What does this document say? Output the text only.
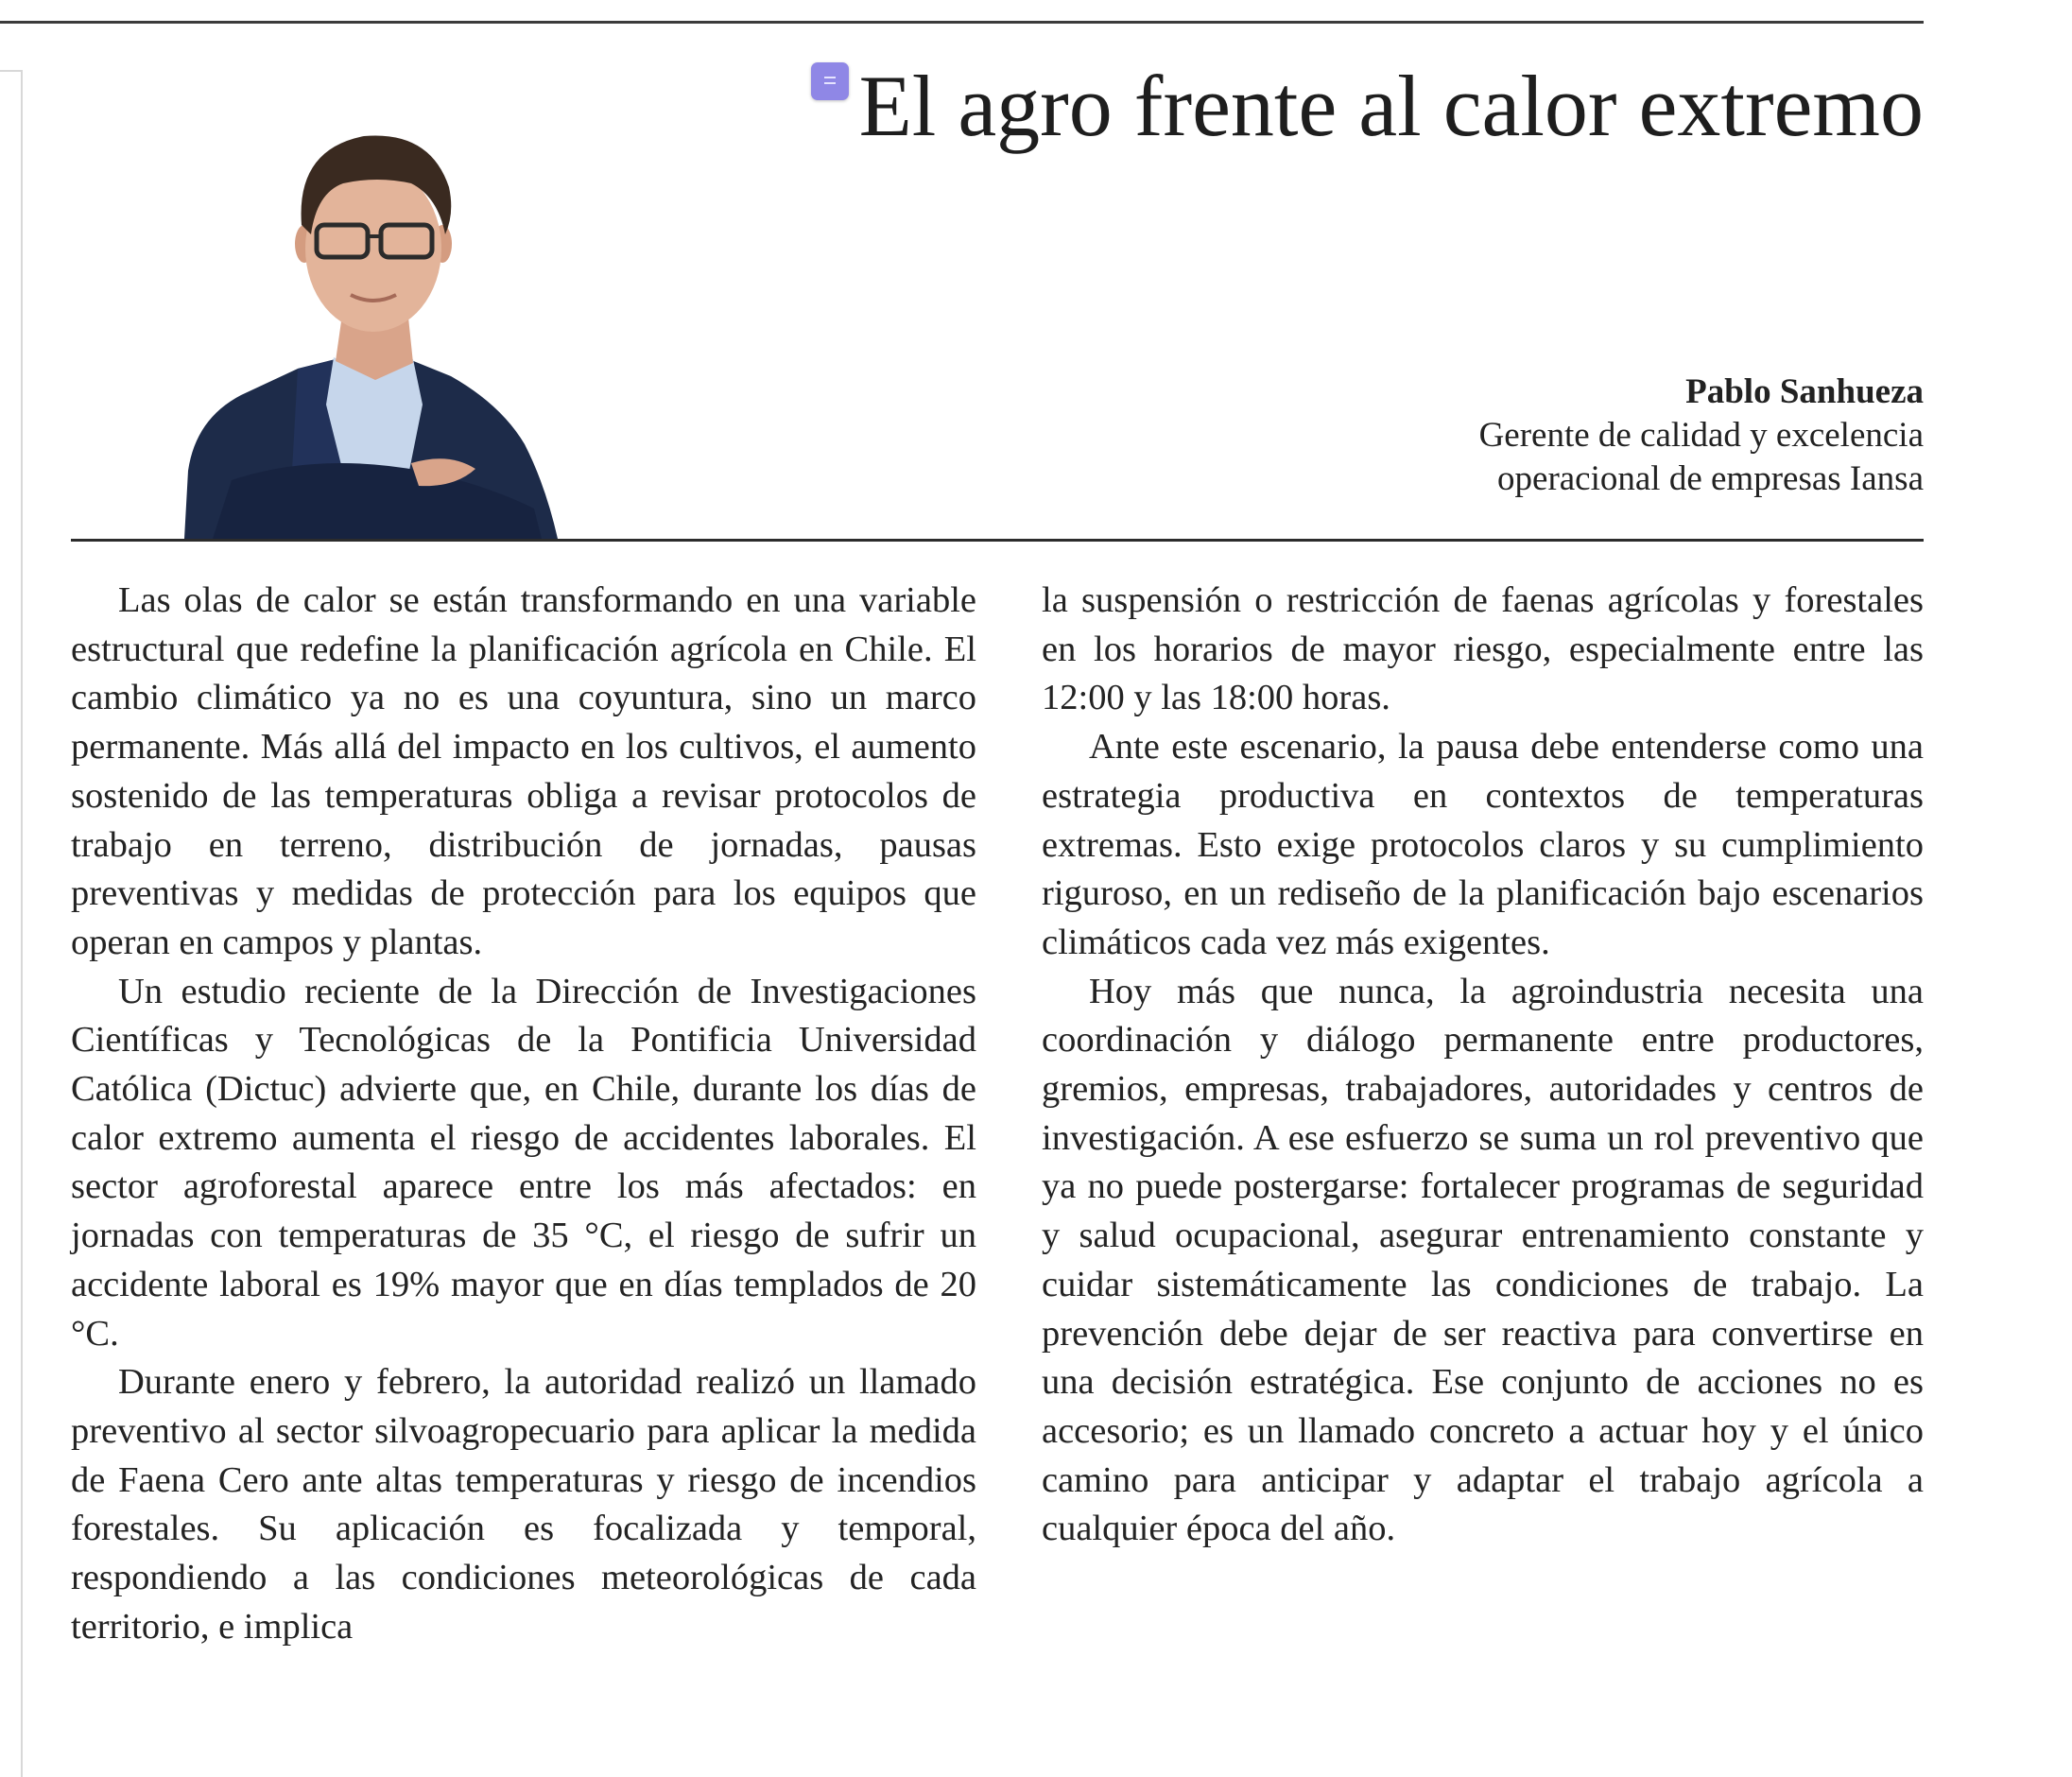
El agro frente al calor extremo
Pablo Sanhueza
Gerente de calidad y excelencia
operacional de empresas Iansa

Las olas de calor se están transformando en una variable estructural que redefine la planificación agrícola en Chile. El cambio climático ya no es una coyuntura, sino un marco permanente. Más allá del impacto en los cultivos, el aumento sostenido de las temperaturas obliga a revisar protocolos de trabajo en terreno, distribución de jornadas, pausas preventivas y medidas de protección para los equipos que operan en campos y plantas.

Un estudio reciente de la Dirección de Investigaciones Científicas y Tecnológicas de la Pontificia Universidad Católica (Dictuc) advierte que, en Chile, durante los días de calor extremo aumenta el riesgo de accidentes laborales. El sector agroforestal aparece entre los más afectados: en jornadas con temperaturas de 35 °C, el riesgo de sufrir un accidente laboral es 19% mayor que en días templados de 20 °C.

Durante enero y febrero, la autoridad realizó un llamado preventivo al sector silvoagropecuario para aplicar la medida de Faena Cero ante altas temperaturas y riesgo de incendios forestales. Su aplicación es focalizada y temporal, respondiendo a las condiciones meteorológicas de cada territorio, e implica

la suspensión o restricción de faenas agrícolas y forestales en los horarios de mayor riesgo, especialmente entre las 12:00 y las 18:00 horas.

Ante este escenario, la pausa debe entenderse como una estrategia productiva en contextos de temperaturas extremas. Esto exige protocolos claros y su cumplimiento riguroso, en un rediseño de la planificación bajo escenarios climáticos cada vez más exigentes.

Hoy más que nunca, la agroindustria necesita una coordinación y diálogo permanente entre productores, gremios, empresas, trabajadores, autoridades y centros de investigación. A ese esfuerzo se suma un rol preventivo que ya no puede postergarse: fortalecer programas de seguridad y salud ocupacional, asegurar entrenamiento constante y cuidar sistemáticamente las condiciones de trabajo. La prevención debe dejar de ser reactiva para convertirse en una decisión estratégica. Ese conjunto de acciones no es accesorio; es un llamado concreto a actuar hoy y el único camino para anticipar y adaptar el trabajo agrícola a cualquier época del año.
